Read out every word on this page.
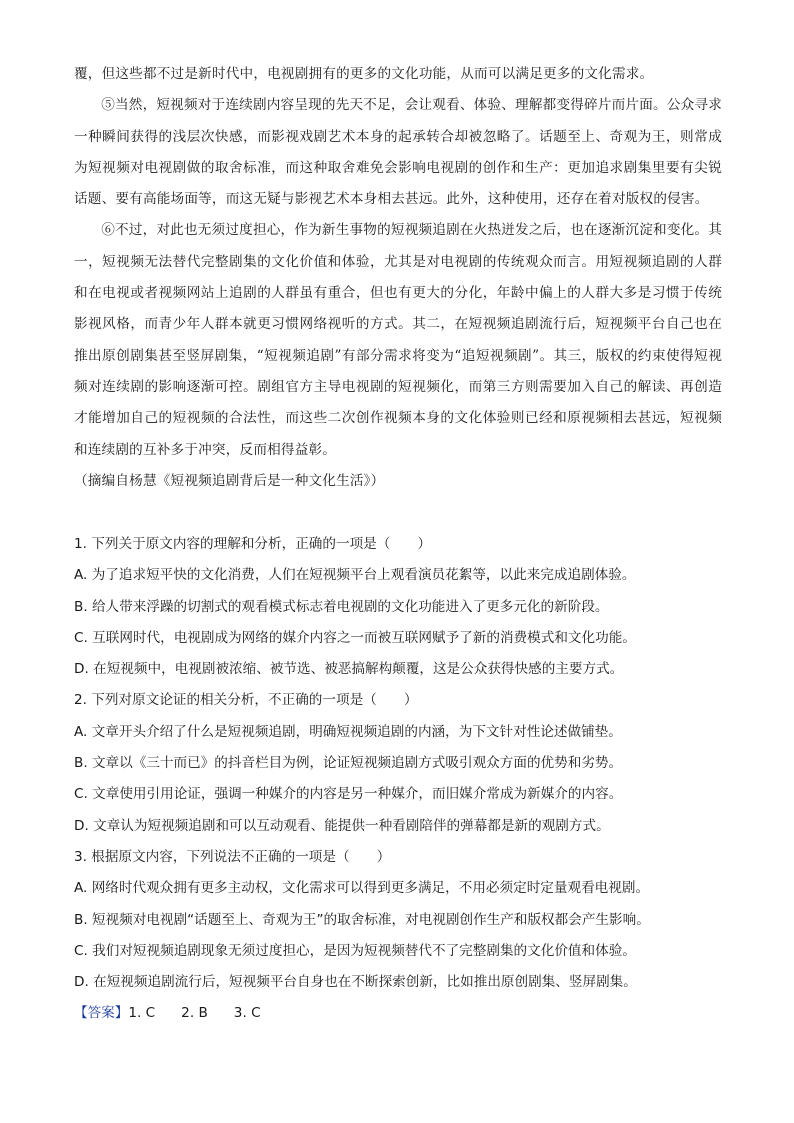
覆，但这些都不过是新时代中，电视剧拥有的更多的文化功能，从而可以满足更多的文化需求。

⑤当然，短视频对于连续剧内容呈现的先天不足，会让观看、体验、理解都变得碎片而片面。公众寻求一种瞬间获得的浅层次快感，而影视戏剧艺术本身的起承转合却被忽略了。话题至上、奇观为王，则常成为短视频对电视剧做的取舍标准，而这种取舍难免会影响电视剧的创作和生产：更加追求剧集里要有尖锐话题、要有高能场面等，而这无疑与影视艺术本身相去甚远。此外，这种使用，还存在着对版权的侵害。

⑥不过，对此也无须过度担心，作为新生事物的短视频追剧在火热迸发之后，也在逐渐沉淀和变化。其一，短视频无法替代完整剧集的文化价值和体验，尤其是对电视剧的传统观众而言。用短视频追剧的人群和在电视或者视频网站上追剧的人群虽有重合，但也有更大的分化，年龄中偏上的人群大多是习惯于传统影视风格，而青少年人群本就更习惯网络视听的方式。其二，在短视频追剧流行后，短视频平台自己也在推出原创剧集甚至竖屏剧集，“短视频追剧”有部分需求将变为“追短视频剧”。其三，版权的约束使得短视频对连续剧的影响逐渐可控。剧组官方主导电视剧的短视频化，而第三方则需要加入自己的解读、再创造才能增加自己的短视频的合法性，而这些二次创作视频本身的文化体验则已经和原视频相去甚远，短视频和连续剧的互补多于冲突，反而相得益彰。

（摘编自杨慧《短视频追剧背后是一种文化生活》）

1. 下列关于原文内容的理解和分析，正确的一项是（　　）

A. 为了追求短平快的文化消费，人们在短视频平台上观看演员花絮等，以此来完成追剧体验。

B. 给人带来浮躁的切割式的观看模式标志着电视剧的文化功能进入了更多元化的新阶段。

C. 互联网时代，电视剧成为网络的媒介内容之一而被互联网赋予了新的消费模式和文化功能。

D. 在短视频中，电视剧被浓缩、被节选、被恶搞解构颠覆，这是公众获得快感的主要方式。

2. 下列对原文论证的相关分析，不正确的一项是（　　）

A. 文章开头介绍了什么是短视频追剧，明确短视频追剧的内涵，为下文针对性论述做铺垫。

B. 文章以《三十而已》的抖音栏目为例，论证短视频追剧方式吸引观众方面的优势和劣势。

C. 文章使用引用论证，强调一种媒介的内容是另一种媒介，而旧媒介常成为新媒介的内容。

D. 文章认为短视频追剧和可以互动观看、能提供一种看剧陪伴的弹幕都是新的观剧方式。

3. 根据原文内容，下列说法不正确的一项是（　　）

A. 网络时代观众拥有更多主动权，文化需求可以得到更多满足，不用必须定时定量观看电视剧。

B. 短视频对电视剧“话题至上、奇观为王”的取舍标准，对电视剧创作生产和版权都会产生影响。

C. 我们对短视频追剧现象无须过度担心，是因为短视频替代不了完整剧集的文化价值和体验。

D. 在短视频追剧流行后，短视频平台自身也在不断探索创新，比如推出原创剧集、竖屏剧集。

【答案】1. C 2. B 3. C
